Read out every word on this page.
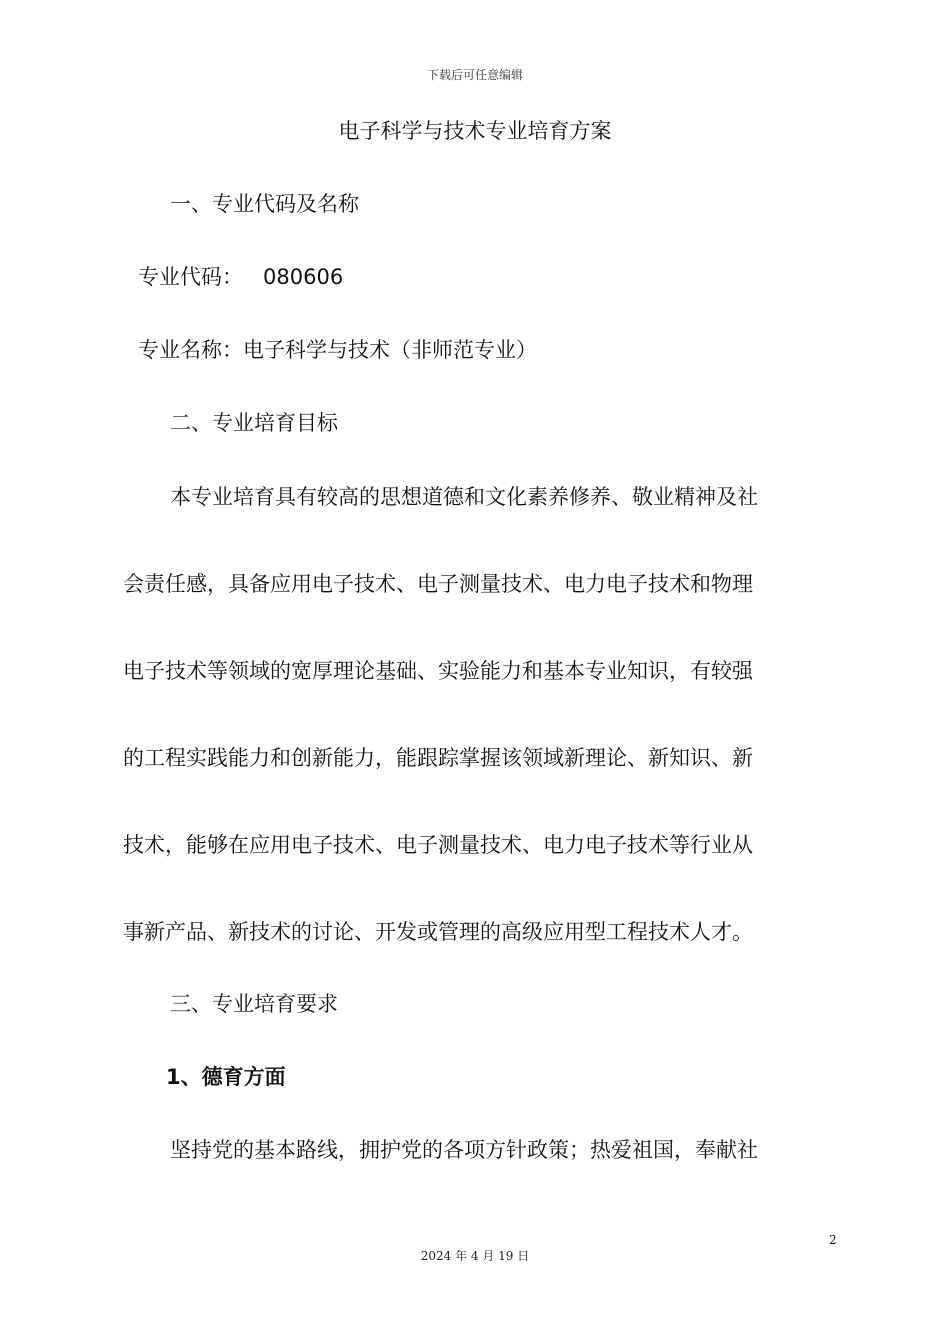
下载后可任意编辑
电子科学与技术专业培育方案
一、专业代码及名称
专业代码：   080606
专业名称：电子科学与技术（非师范专业）
二、专业培育目标
本专业培育具有较高的思想道德和文化素养修养、敬业精神及社
会责任感，具备应用电子技术、电子测量技术、电力电子技术和物理
电子技术等领域的宽厚理论基础、实验能力和基本专业知识，有较强
的工程实践能力和创新能力，能跟踪掌握该领域新理论、新知识、新
技术，能够在应用电子技术、电子测量技术、电力电子技术等行业从
事新产品、新技术的讨论、开发或管理的高级应用型工程技术人才。
三、专业培育要求
1、德育方面
坚持党的基本路线，拥护党的各项方针政策；热爱祖国，奉献社
2
2024 年 4 月 19 日
